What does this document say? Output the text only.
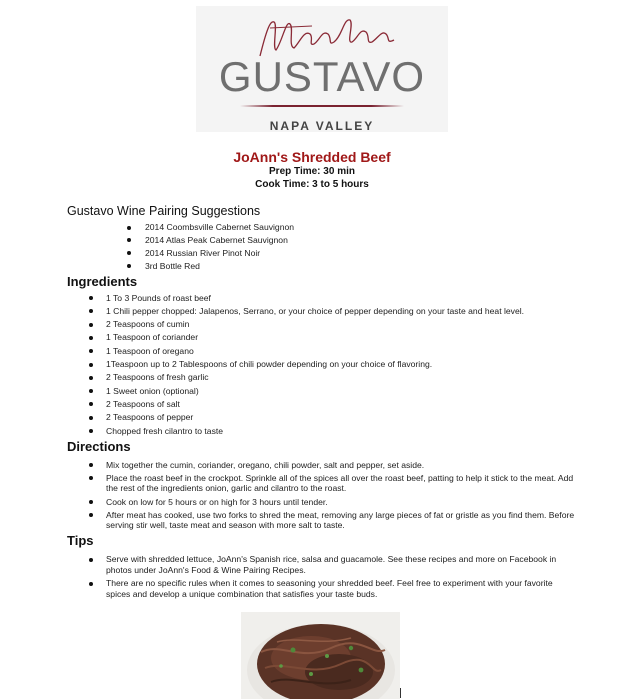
GUSTAVO
NAPA VALLEY
JoAnn's Shredded Beef
Prep Time: 30 min
Cook Time: 3 to 5 hours
Gustavo Wine Pairing Suggestions
2014 Coombsville Cabernet Sauvignon
2014 Atlas Peak Cabernet Sauvignon
2014 Russian River Pinot Noir
3rd Bottle Red
Ingredients
1 To 3 Pounds of roast beef
1 Chili pepper chopped: Jalapenos, Serrano, or your choice of pepper depending on your taste and heat level.
2 Teaspoons of cumin
1 Teaspoon of coriander
1 Teaspoon of oregano
1Teaspoon up to 2 Tablespoons of chili powder depending on your choice of flavoring.
2 Teaspoons of fresh garlic
1 Sweet onion (optional)
2 Teaspoons of salt
2 Teaspoons of pepper
Chopped fresh cilantro to taste
Directions
Mix together the cumin, coriander, oregano, chili powder, salt and pepper, set aside.
Place the roast beef in the crockpot. Sprinkle all of the spices all over the roast beef, patting to help it stick to the meat. Add the rest of the ingredients onion, garlic and cilantro to the roast.
Cook on low for 5 hours or on high for 3 hours until tender.
After meat has cooked, use two forks to shred the meat, removing any large pieces of fat or gristle as you find them. Before serving stir well, taste meat and season with more salt to taste.
Tips
Serve with shredded lettuce, JoAnn's Spanish rice, salsa and guacamole. See these recipes and more on Facebook in photos under JoAnn's Food & Wine Pairing Recipes.
There are no specific rules when it comes to seasoning your shredded beef. Feel free to experiment with your favorite spices and develop a unique combination that satisfies your taste buds.
